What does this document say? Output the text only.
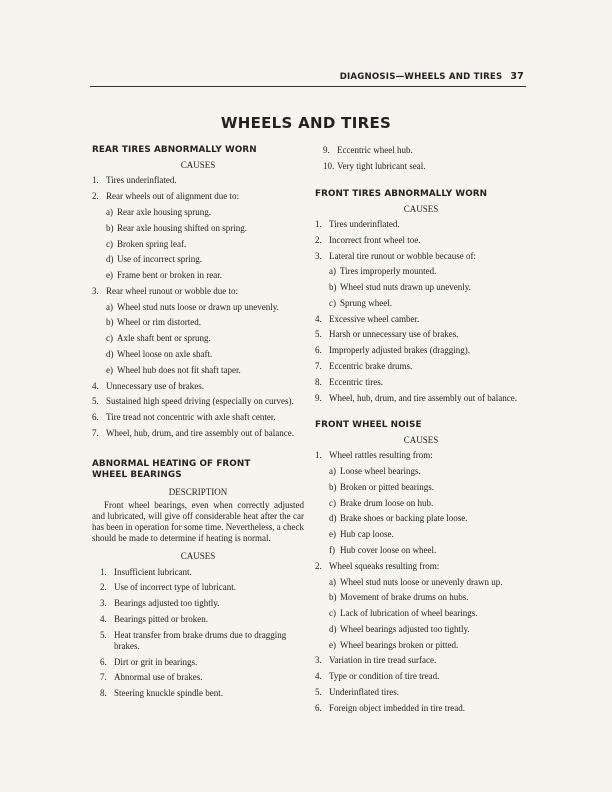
DIAGNOSIS—WHEELS AND TIRES 37
WHEELS AND TIRES
REAR TIRES ABNORMALLY WORN
CAUSES
1. Tires underinflated.
2. Rear wheels out of alignment due to:
a) Rear axle housing sprung.
b) Rear axle housing shifted on spring.
c) Broken spring leaf.
d) Use of incorrect spring.
e) Frame bent or broken in rear.
3. Rear wheel runout or wobble due to:
a) Wheel stud nuts loose or drawn up unevenly.
b) Wheel or rim distorted.
c) Axle shaft bent or sprung.
d) Wheel loose on axle shaft.
e) Wheel hub does not fit shaft taper.
4. Unnecessary use of brakes.
5. Sustained high speed driving (especially on curves).
6. Tire tread not concentric with axle shaft center.
7. Wheel, hub, drum, and tire assembly out of balance.
ABNORMAL HEATING OF FRONT WHEEL BEARINGS
DESCRIPTION
Front wheel bearings, even when correctly adjusted and lubricated, will give off considerable heat after the car has been in operation for some time. Nevertheless, a check should be made to determine if heating is normal.
CAUSES
1. Insufficient lubricant.
2. Use of incorrect type of lubricant.
3. Bearings adjusted too tightly.
4. Bearings pitted or broken.
5. Heat transfer from brake drums due to dragging brakes.
6. Dirt or grit in bearings.
7. Abnormal use of brakes.
8. Steering knuckle spindle bent.
9. Eccentric wheel hub.
10. Very tight lubricant seal.
FRONT TIRES ABNORMALLY WORN
CAUSES
1. Tires underinflated.
2. Incorrect front wheel toe.
3. Lateral tire runout or wobble because of:
a) Tires improperly mounted.
b) Wheel stud nuts drawn up unevenly.
c) Sprung wheel.
4. Excessive wheel camber.
5. Harsh or unnecessary use of brakes.
6. Improperly adjusted brakes (dragging).
7. Eccentric brake drums.
8. Eccentric tires.
9. Wheel, hub, drum, and tire assembly out of balance.
FRONT WHEEL NOISE
CAUSES
1. Wheel rattles resulting from:
a) Loose wheel bearings.
b) Broken or pitted bearings.
c) Brake drum loose on hub.
d) Brake shoes or backing plate loose.
e) Hub cap loose.
f) Hub cover loose on wheel.
2. Wheel squeaks resulting from:
a) Wheel stud nuts loose or unevenly drawn up.
b) Movement of brake drums on hubs.
c) Lack of lubrication of wheel bearings.
d) Wheel bearings adjusted too tightly.
e) Wheel bearings broken or pitted.
3. Variation in tire tread surface.
4. Type or condition of tire tread.
5. Underinflated tires.
6. Foreign object imbedded in tire tread.
